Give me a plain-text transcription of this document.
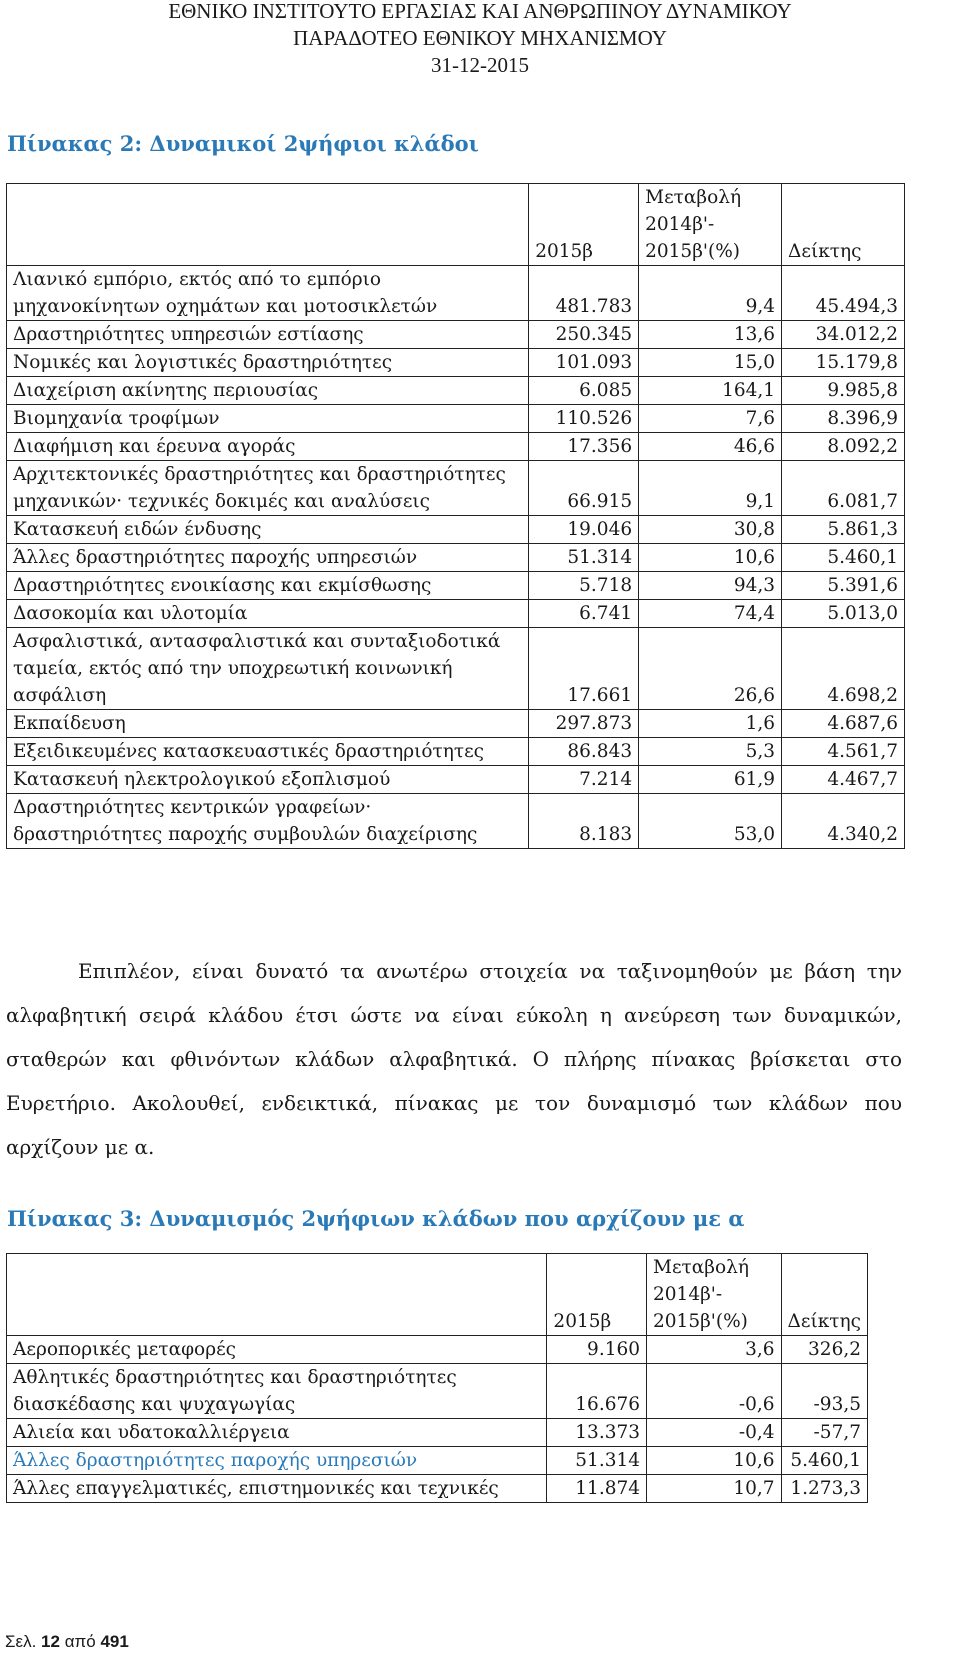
ΕΘΝΙΚΟ ΙΝΣΤΙΤΟΥΤΟ ΕΡΓΑΣΙΑΣ ΚΑΙ ΑΝΘΡΩΠΙΝΟΥ ΔΥΝΑΜΙΚΟΥ
ΠΑΡΑΔΟΤΕΟ ΕΘΝΙΚΟΥ ΜΗΧΑΝΙΣΜΟΥ
31-12-2015
Πίνακας 2: Δυναμικοί 2ψήφιοι κλάδοι
	2015β	Μεταβολή
2014β'-
2015β'(%)	Δείκτης
Λιανικό εμπόριο, εκτός από το εμπόριο μηχανοκίνητων οχημάτων και μοτοσικλετών	481.783	9,4	45.494,3
Δραστηριότητες υπηρεσιών εστίασης	250.345	13,6	34.012,2
Νομικές και λογιστικές δραστηριότητες	101.093	15,0	15.179,8
Διαχείριση ακίνητης περιουσίας	6.085	164,1	9.985,8
Βιομηχανία τροφίμων	110.526	7,6	8.396,9
Διαφήμιση και έρευνα αγοράς	17.356	46,6	8.092,2
Αρχιτεκτονικές δραστηριότητες και δραστηριότητες μηχανικών· τεχνικές δοκιμές και αναλύσεις	66.915	9,1	6.081,7
Κατασκευή ειδών ένδυσης	19.046	30,8	5.861,3
Άλλες δραστηριότητες παροχής υπηρεσιών	51.314	10,6	5.460,1
Δραστηριότητες ενοικίασης και εκμίσθωσης	5.718	94,3	5.391,6
Δασοκομία και υλοτομία	6.741	74,4	5.013,0
Ασφαλιστικά, αντασφαλιστικά και συνταξιοδοτικά ταμεία, εκτός από την υποχρεωτική κοινωνική ασφάλιση	17.661	26,6	4.698,2
Εκπαίδευση	297.873	1,6	4.687,6
Εξειδικευμένες κατασκευαστικές δραστηριότητες	86.843	5,3	4.561,7
Κατασκευή ηλεκτρολογικού εξοπλισμού	7.214	61,9	4.467,7
Δραστηριότητες κεντρικών γραφείων· δραστηριότητες παροχής συμβουλών διαχείρισης	8.183	53,0	4.340,2
Επιπλέον, είναι δυνατό τα ανωτέρω στοιχεία να ταξινομηθούν με βάση την αλφαβητική σειρά κλάδου έτσι ώστε να είναι εύκολη η ανεύρεση των δυναμικών, σταθερών και φθινόντων κλάδων αλφαβητικά. Ο πλήρης πίνακας βρίσκεται στο Ευρετήριο. Ακολουθεί, ενδεικτικά, πίνακας με τον δυναμισμό των κλάδων που αρχίζουν με α.
Πίνακας 3: Δυναμισμός 2ψήφιων κλάδων που αρχίζουν με α
	2015β	Μεταβολή
2014β'-
2015β'(%)	Δείκτης
Αεροπορικές μεταφορές	9.160	3,6	326,2
Αθλητικές δραστηριότητες και δραστηριότητες διασκέδασης και ψυχαγωγίας	16.676	-0,6	-93,5
Αλιεία και υδατοκαλλιέργεια	13.373	-0,4	-57,7
Άλλες δραστηριότητες παροχής υπηρεσιών	51.314	10,6	5.460,1
Άλλες επαγγελματικές, επιστημονικές και τεχνικές	11.874	10,7	1.273,3
Σελ. 12 από 491
